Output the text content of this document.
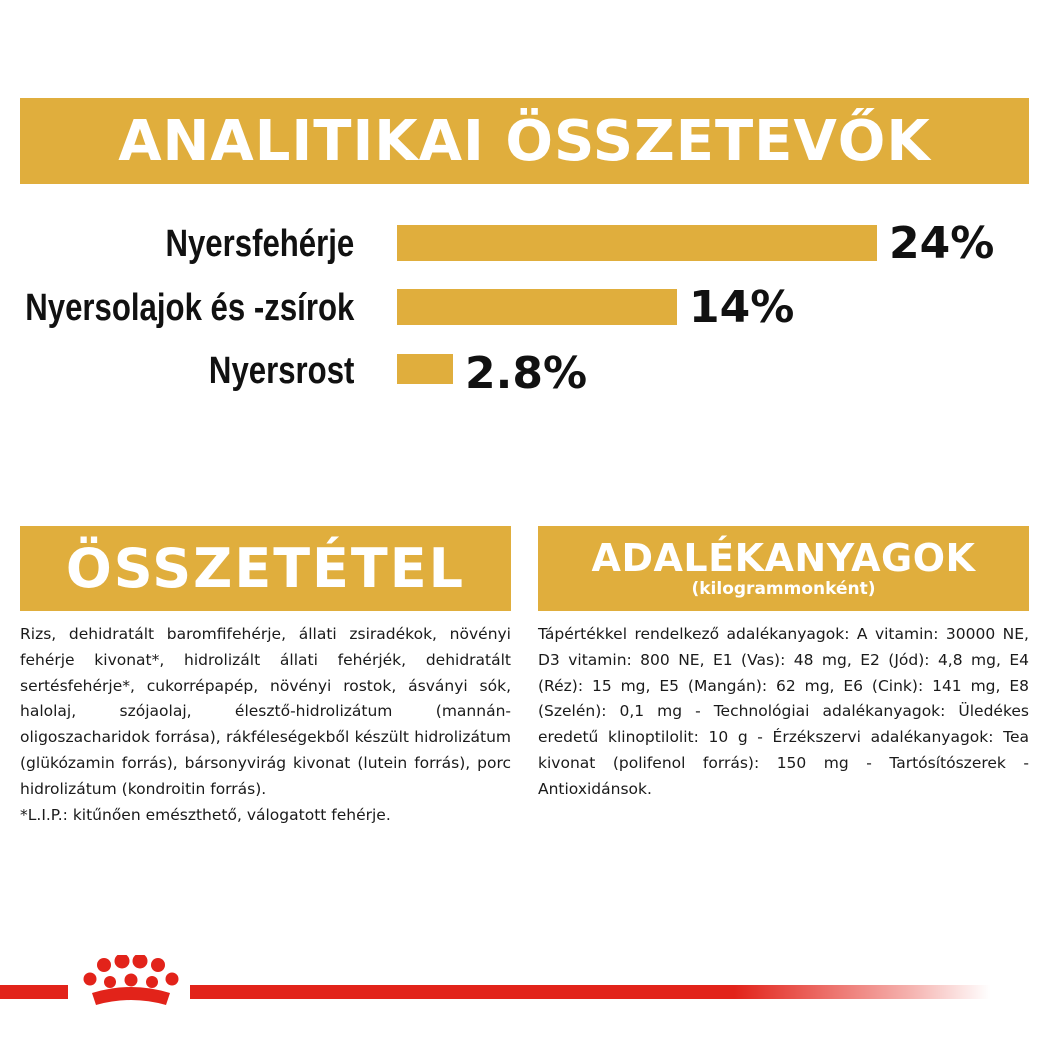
ANALITIKAI ÖSSZETEVŐK
Nyersfehérje	24%
Nyersolajok és -zsírok	14%
Nyersrost	2.8%
ÖSSZETÉTEL
Rizs, dehidratált baromfifehérje, állati zsiradékok, növényi fehérje kivonat*, hidrolizált állati fehérjék, dehidratált sertésfehérje*, cukorrépapép, növényi rostok, ásványi sók, halolaj, szójaolaj, élesztő-hidrolizátum (mannán-oligoszacharidok forrása), rákféleségekből készült hidrolizátum (glükózamin forrás), bársonyvirág kivonat (lutein forrás), porc hidrolizátum (kondroitin forrás).
*L.I.P.: kitűnően emészthető, válogatott fehérje.
ADALÉKANYAGOK
(kilogrammonként)
Tápértékkel rendelkező adalékanyagok: A vitamin: 30000 NE, D3 vitamin: 800 NE, E1 (Vas): 48 mg, E2 (Jód): 4,8 mg, E4 (Réz): 15 mg, E5 (Mangán): 62 mg, E6 (Cink): 141 mg, E8 (Szelén): 0,1 mg - Technológiai adalékanyagok: Üledékes eredetű klinoptilolit: 10 g - Érzékszervi adalékanyagok: Tea kivonat (polifenol forrás): 150 mg - Tartósítószerek - Antioxidánsok.
